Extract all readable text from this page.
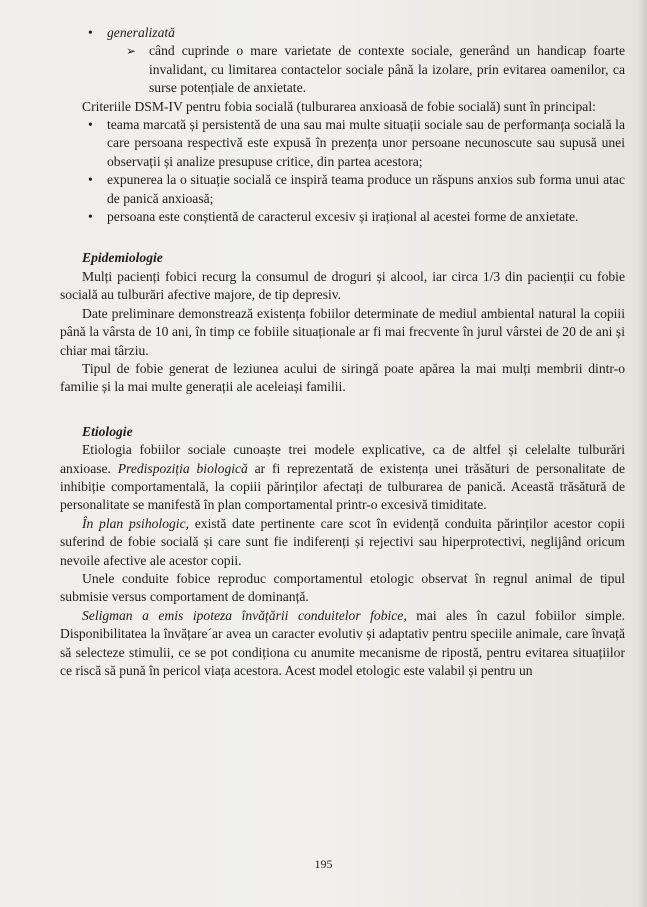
• generalizată

➢ când cuprinde o mare varietate de contexte sociale, generând un handicap foarte invalidant, cu limitarea contactelor sociale până la izolare, prin evitarea oamenilor, ca surse potențiale de anxietate.

Criteriile DSM-IV pentru fobia socială (tulburarea anxioasă de fobie socială) sunt în principal:

• teama marcată și persistentă de una sau mai multe situații sociale sau de performanța socială la care persoana respectivă este expusă în prezența unor persoane necunoscute sau supusă unei observații și analize presupuse critice, din partea acestora;

• expunerea la o situație socială ce inspiră teama produce un răspuns anxios sub forma unui atac de panică anxioasă;

• persoana este conștientă de caracterul excesiv și irațional al acestei forme de anxietate.

Epidemiologie

Mulți pacienți fobici recurg la consumul de droguri și alcool, iar circa 1/3 din pacienții cu fobie socială au tulburări afective majore, de tip depresiv.

Date preliminare demonstrează existența fobiilor determinate de mediul ambiental natural la copiii până la vârsta de 10 ani, în timp ce fobiile situaționale ar fi mai frecvente în jurul vârstei de 20 de ani și chiar mai târziu.

Tipul de fobie generat de leziunea acului de siringă poate apărea la mai mulți membrii dintr-o familie și la mai multe generații ale aceleiași familii.

Etiologie

Etiologia fobiilor sociale cunoaște trei modele explicative, ca de altfel și celelalte tulburări anxioase. Predispoziția biologică ar fi reprezentată de existența unei trăsături de personalitate de inhibiție comportamentală, la copiii părinților afectați de tulburarea de panică. Această trăsătură de personalitate se manifestă în plan comportamental printr-o excesivă timiditate.

În plan psihologic, există date pertinente care scot în evidență conduita părinților acestor copii suferind de fobie socială și care sunt fie indiferenți și rejectivi sau hiperprotectivi, neglijând oricum nevoile afective ale acestor copii.

Unele conduite fobice reproduc comportamentul etologic observat în regnul animal de tipul submisie versus comportament de dominanță.

Seligman a emis ipoteza învățării conduitelor fobice, mai ales în cazul fobiilor simple. Disponibilitatea la învățare´ar avea un caracter evolutiv și adaptativ pentru speciile animale, care învață să selecteze stimulii, ce se pot condiționa cu anumite mecanisme de ripostă, pentru evitarea situațiilor ce riscă să pună în pericol viața acestora. Acest model etologic este valabil și pentru un

195
